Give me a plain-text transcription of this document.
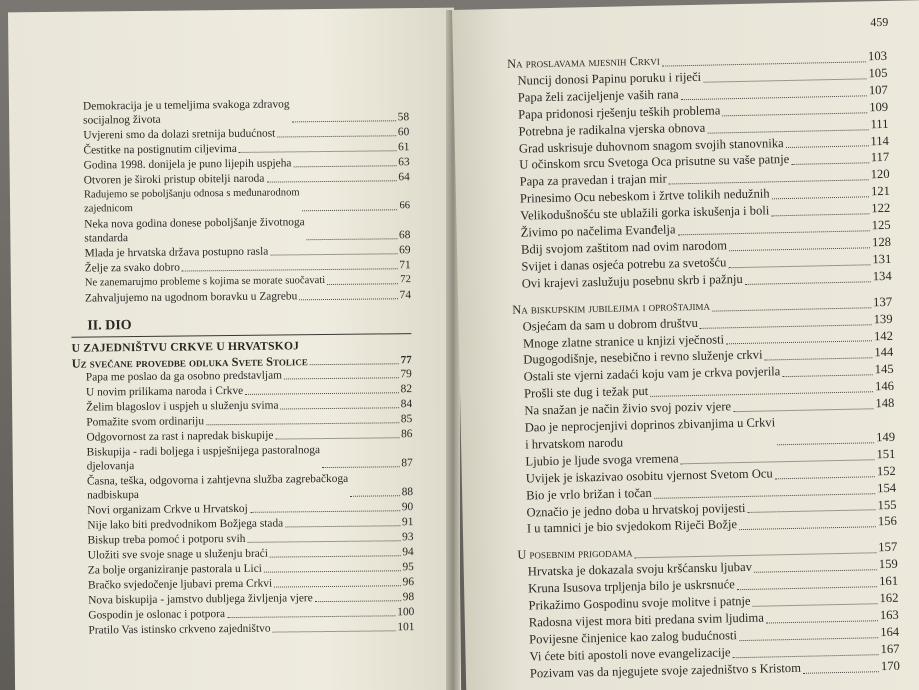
Demokracija je u temeljima svakoga zdravog
socijalnog života	58
Uvjereni smo da dolazi sretnija budućnost	60
Čestitke na postignutim ciljevima	61
Godina 1998. donijela je puno lijepih uspjeha	63
Otvoren je široki pristup obitelji naroda	64
Radujemo se poboljšanju odnosa s međunarodnom
zajednicom	66
Neka nova godina donese poboljšanje životnoga
standarda	68
Mlada je hrvatska država postupno rasla	69
Želje za svako dobro	71
Ne zanemarujmo probleme s kojima se morate suočavati	72
Zahvaljujemo na ugodnom boravku u Zagrebu	74
II. DIO
U ZAJEDNIŠTVU CRKVE U HRVATSKOJ
Uz svečane provedbe odluka Svete Stolice	77
Papa me poslao da ga osobno predstavljam	79
U novim prilikama naroda i Crkve	82
Želim blagoslov i uspjeh u služenju svima	84
Pomažite svom ordinariju	85
Odgovornost za rast i napredak biskupije	86
Biskupija - radi boljega i uspješnijega pastoralnoga
djelovanja	87
Časna, teška, odgovorna i zahtjevna služba zagrebačkoga
nadbiskupa	88
Novi organizam Crkve u Hrvatskoj	90
Nije lako biti predvodnikom Božjega stada	91
Biskup treba pomoć i potporu svih	93
Uložiti sve svoje snage u služenju braći	94
Za bolje organiziranje pastorala u Lici	95
Bračko svjedočenje ljubavi prema Crkvi	96
Nova biskupija - jamstvo dubljega življenja vjere	98
Gospodin je oslonac i potpora	100
Pratilo Vas istinsko crkveno zajedništvo	101
459
Na proslavama mjesnih Crkvi	103
Nuncij donosi Papinu poruku i riječi	105
Papa želi zacijeljenje vaših rana	107
Papa pridonosi rješenju teških problema	109
Potrebna je radikalna vjerska obnova	111
Grad uskrisuje duhovnom snagom svojih stanovnika	114
U očinskom srcu Svetoga Oca prisutne su vaše patnje	117
Papa za pravedan i trajan mir	120
Prinesimo Ocu nebeskom i žrtve tolikih nedužnih	121
Velikodušnošću ste ublažili gorka iskušenja i boli	122
Živimo po načelima Evanđelja	125
Bdij svojom zaštitom nad ovim narodom	128
Svijet i danas osjeća potrebu za svetošću	131
Ovi krajevi zaslužuju posebnu skrb i pažnju	134
Na biskupskim jubilejima i oproštajima	137
Osjećam da sam u dobrom društvu	139
Mnoge zlatne stranice u knjizi vječnosti	142
Dugogodišnje, nesebično i revno služenje crkvi	144
Ostali ste vjerni zadaći koju vam je crkva povjerila	145
Prošli ste dug i težak put	146
Na snažan je način živio svoj poziv vjere	148
Dao je neprocjenjivi doprinos zbivanjima u Crkvi
i hrvatskom narodu	149
Ljubio je ljude svoga vremena	151
Uvijek je iskazivao osobitu vjernost Svetom Ocu	152
Bio je vrlo brižan i točan	154
Označio je jedno doba u hrvatskoj povijesti	155
I u tamnici je bio svjedokom Riječi Božje	156
U posebnim prigodama	157
Hrvatska je dokazala svoju kršćansku ljubav	159
Kruna Isusova trpljenja bilo je uskrsnuće	161
Prikažimo Gospodinu svoje molitve i patnje	162
Radosna vijest mora biti predana svim ljudima	163
Povijesne činjenice kao zalog budućnosti	164
Vi ćete biti apostoli nove evangelizacije	167
Pozivam vas da njegujete svoje zajedništvo s Kristom	170
